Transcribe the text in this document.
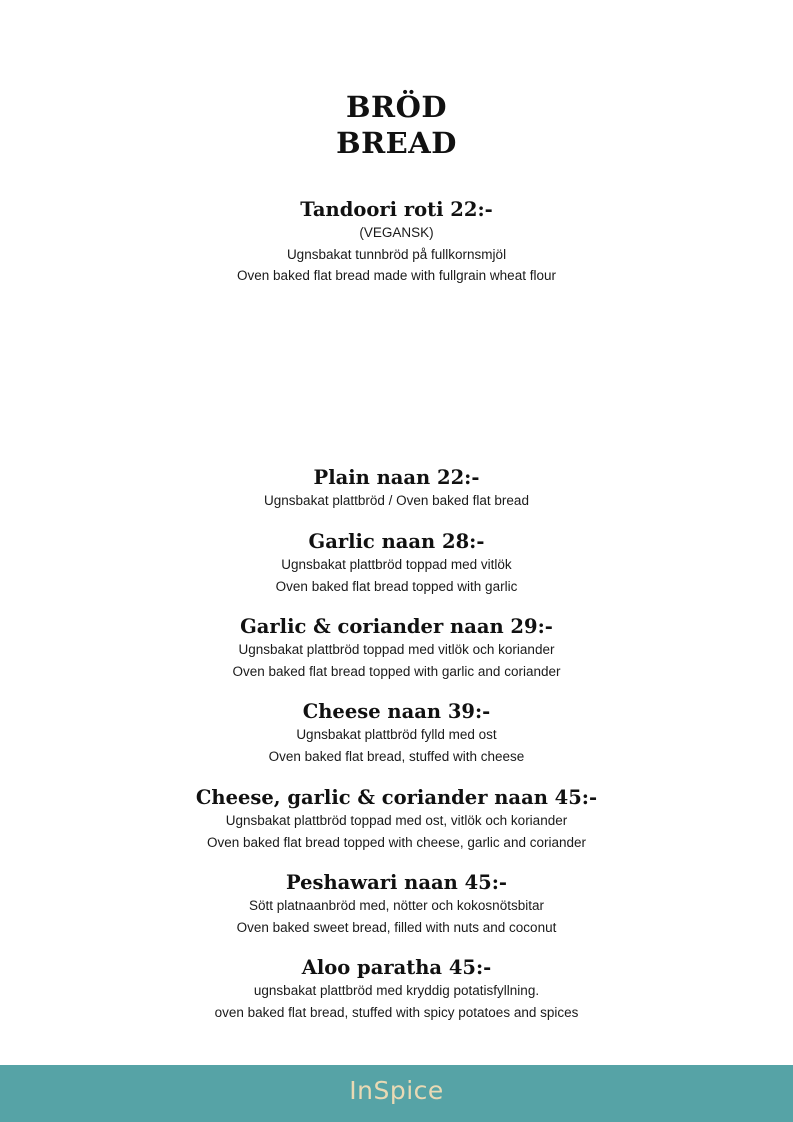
BRÖD
BREAD
Tandoori roti 22:-
(VEGANSK)
Ugnsbakat tunnbröd på fullkornsmjöl
Oven baked flat bread made with fullgrain wheat flour
Plain naan 22:-
Ugnsbakat plattbröd / Oven baked flat bread
Garlic naan 28:-
Ugnsbakat plattbröd toppad med vitlök
Oven baked flat bread topped with garlic
Garlic & coriander naan 29:-
Ugnsbakat plattbröd toppad med vitlök och koriander
Oven baked flat bread topped with garlic and coriander
Cheese naan 39:-
Ugnsbakat plattbröd fylld med ost
Oven baked flat bread, stuffed with cheese
Cheese, garlic & coriander naan 45:-
Ugnsbakat plattbröd toppad med ost, vitlök och koriander
Oven baked flat bread topped with cheese, garlic and coriander
Peshawari naan 45:-
Sött platnaanbröd med, nötter och kokosnötsbitar
Oven baked sweet bread, filled with nuts and coconut
Aloo paratha 45:-
ugnsbakat plattbröd med kryddig potatisfyllning.
oven baked flat bread, stuffed with spicy potatoes and spices
InSpice
